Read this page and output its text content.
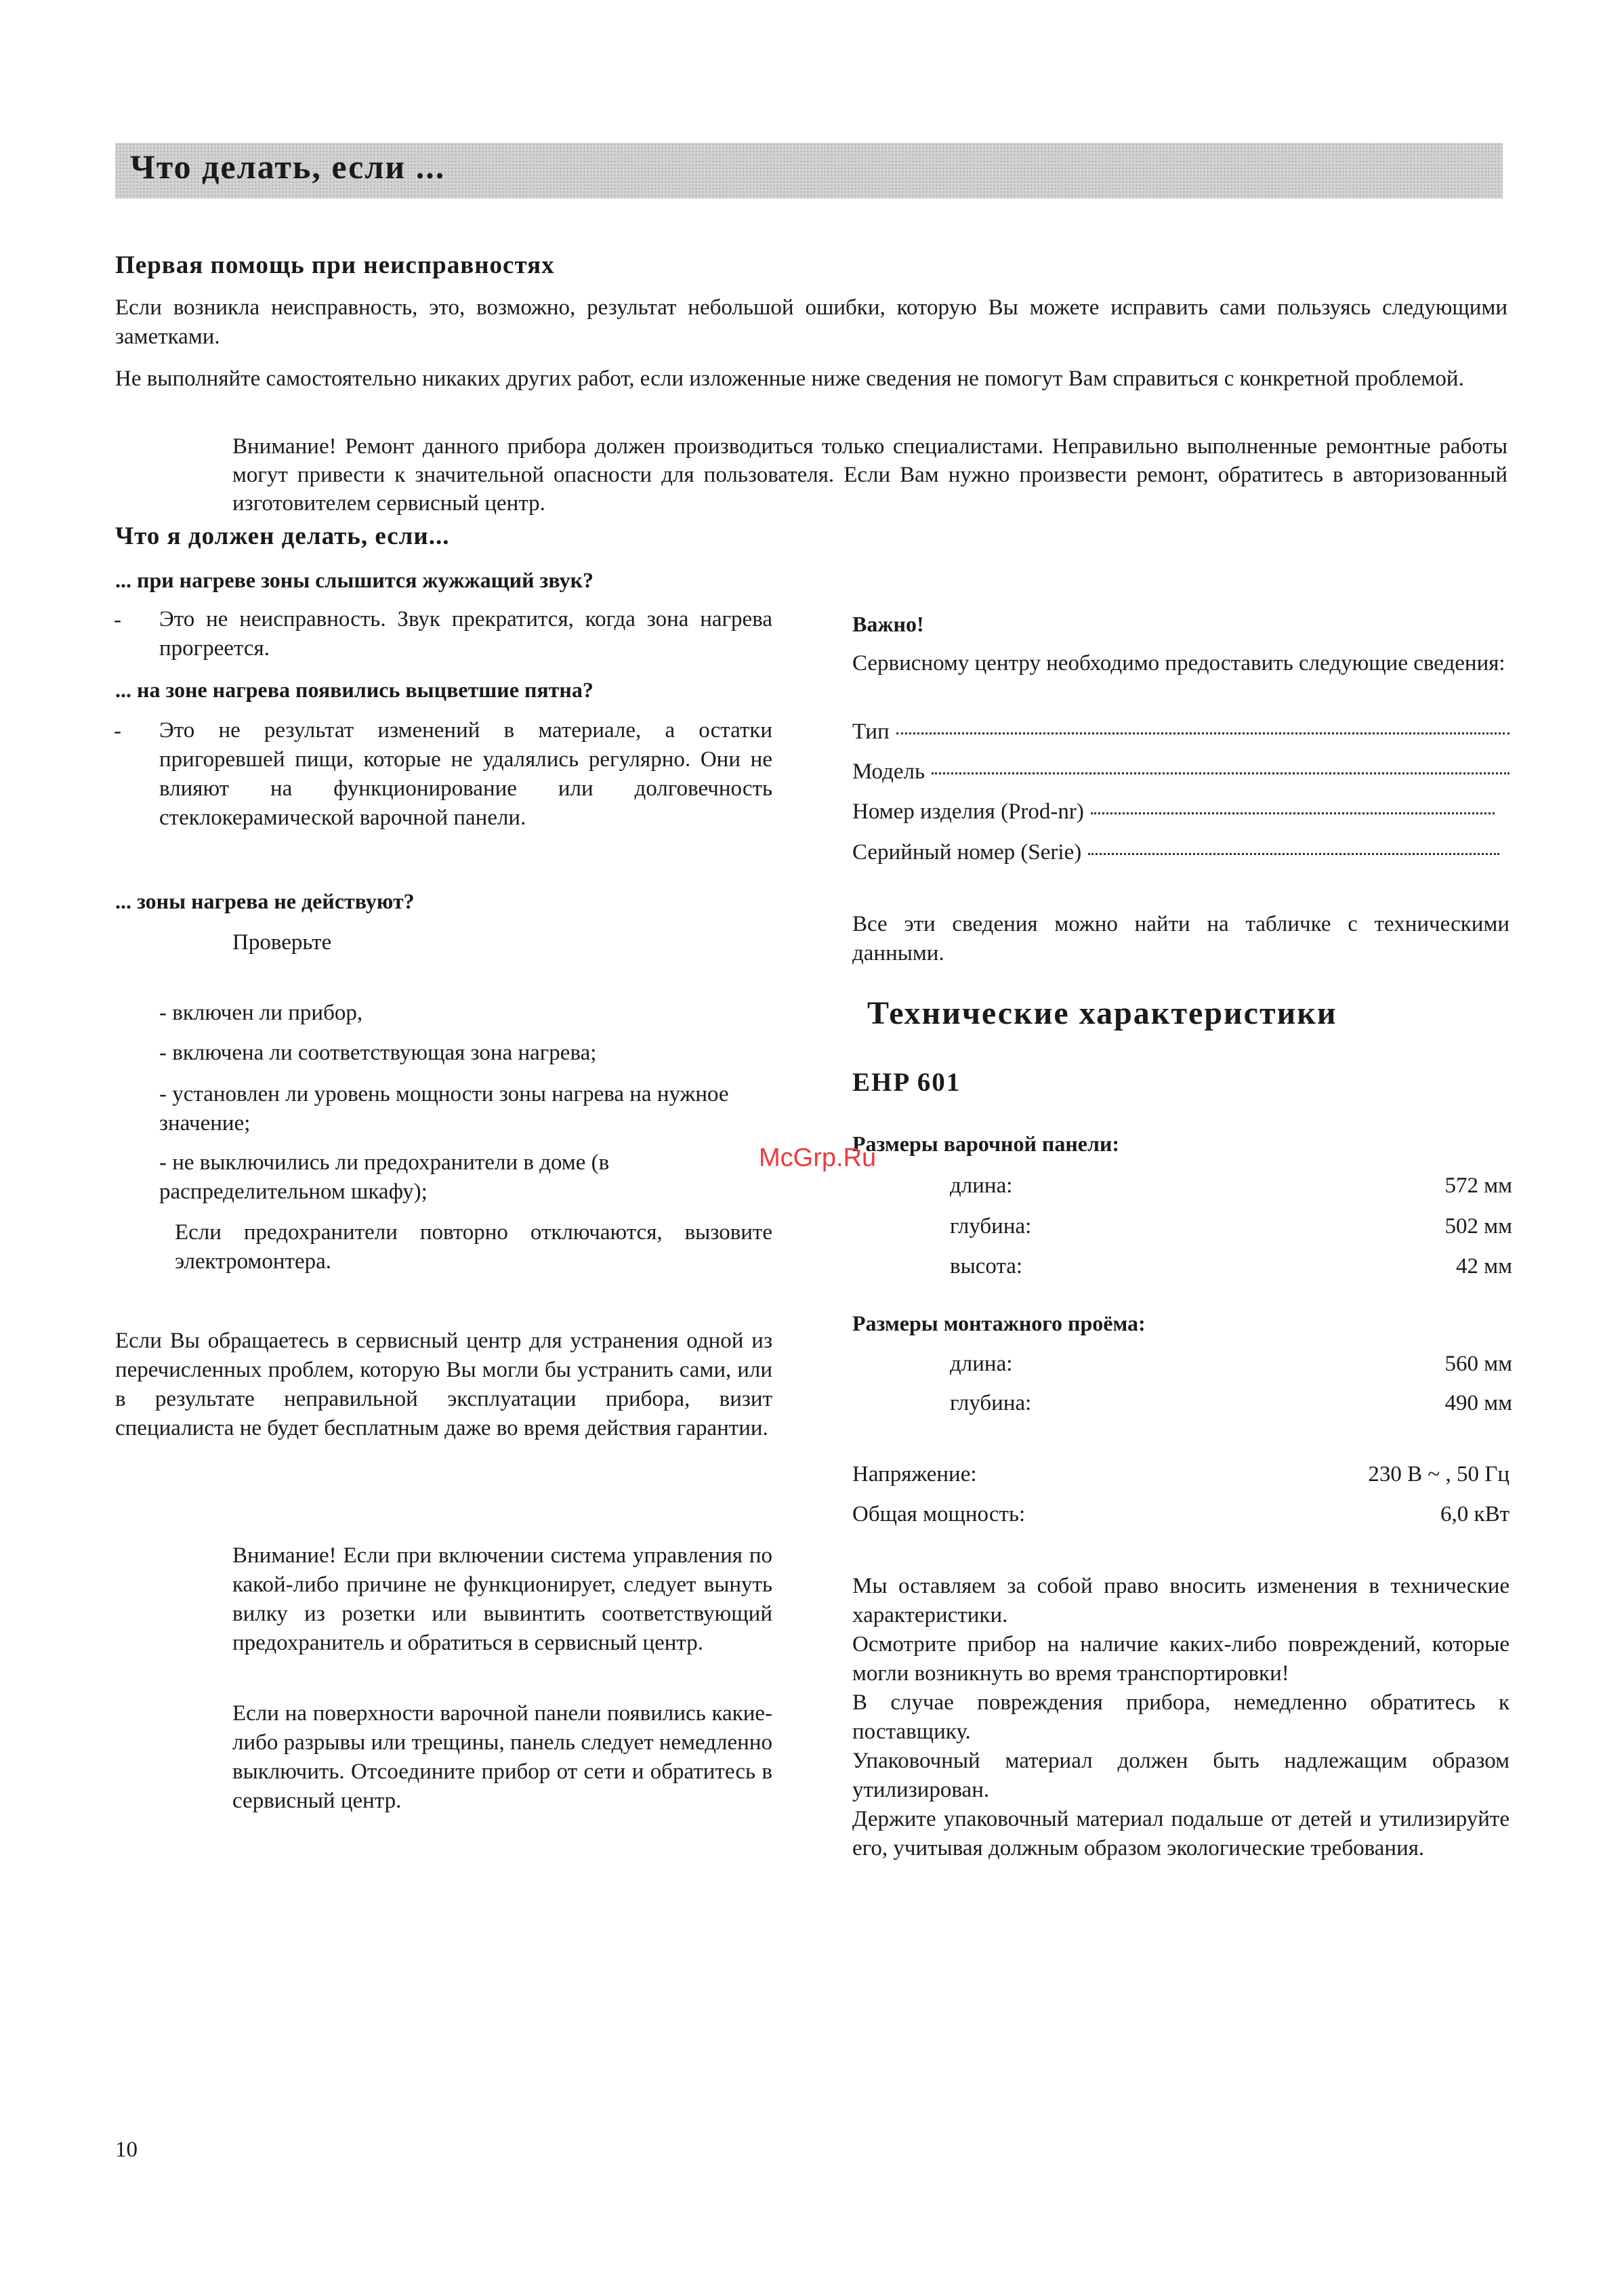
Что делать, если ...
Первая помощь при неисправностях
Если возникла неисправность, это, возможно, результат небольшой ошибки, которую Вы можете исправить сами пользуясь следующими заметками.
Не выполняйте самостоятельно никаких других работ, если изложенные ниже сведения не помогут Вам справиться с конкретной проблемой.
Внимание! Ремонт данного прибора должен производиться только специалистами. Неправильно выполненные ремонтные работы могут привести к значительной опасности для пользователя. Если Вам нужно произвести ремонт, обратитесь в авторизованный изготовителем сервисный центр.
Что я должен делать, если...
... при нагреве зоны слышится жужжащий звук?
- Это не неисправность. Звук прекратится, когда зона нагрева прогреется.
... на зоне нагрева появились выцветшие пятна?
- Это не результат изменений в материале, а остатки пригоревшей пищи, которые не удалялись регулярно. Они не влияют на функционирование или долговечность стеклокерамической варочной панели.
... зоны нагрева не действуют?
Проверьте
- включен ли прибор,
- включена ли соответствующая зона нагрева;
- установлен ли уровень мощности зоны нагрева на нужное значение;
- не выключились ли предохранители в доме (в распределительном шкафу);
Если предохранители повторно отключаются, вызовите электромонтера.
Если Вы обращаетесь в сервисный центр для устранения одной из перечисленных проблем, которую Вы могли бы устранить сами, или в результате неправильной эксплуатации прибора, визит специалиста не будет бесплатным даже во время действия гарантии.
Внимание! Если при включении система управления по какой-либо причине не функционирует, следует вынуть вилку из розетки или вывинтить соответствующий предохранитель и обратиться в сервисный центр.
Если на поверхности варочной панели появились какие-либо разрывы или трещины, панель следует немедленно выключить. Отсоедините прибор от сети и обратитесь в сервисный центр.
Важно!
Сервисному центру необходимо предоставить следующие сведения:
Тип
Модель
Номер изделия (Prod-nr)
Серийный номер (Serie)
Все эти сведения можно найти на табличке с техническими данными.
Технические характеристики
EHP 601
Размеры варочной панели:
McGrp.Ru
длина:	572 мм
глубина:	502 мм
высота:	42 мм
Размеры монтажного проёма:
длина:	560 мм
глубина:	490 мм
Напряжение:	230 В ~ , 50 Гц
Общая мощность:	6,0 кВт
Мы оставляем за собой право вносить изменения в технические характеристики.
Осмотрите прибор на наличие каких-либо повреждений, которые могли возникнуть во время транспортировки!
В случае повреждения прибора, немедленно обратитесь к поставщику.
Упаковочный материал должен быть надлежащим образом утилизирован.
Держите упаковочный материал подальше от детей и утилизируйте его, учитывая должным образом экологические требования.
10
